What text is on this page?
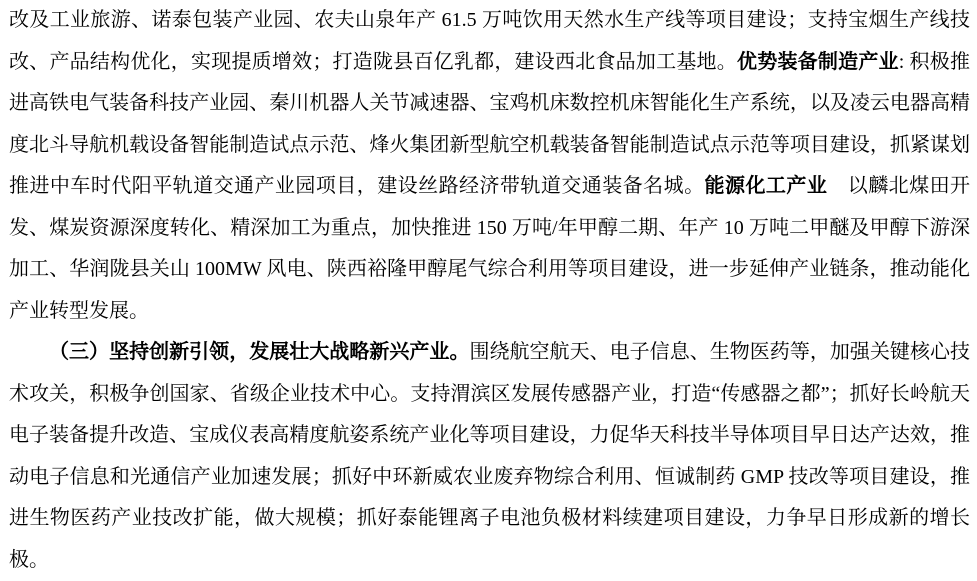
改及工业旅游、诺泰包装产业园、农夫山泉年产 61.5 万吨饮用天然水生产线等项目建设；支持宝烟生产线技改、产品结构优化，实现提质增效；打造陇县百亿乳都，建设西北食品加工基地。优势装备制造产业: 积极推进高铁电气装备科技产业园、秦川机器人关节减速器、宝鸡机床数控机床智能化生产系统，以及凌云电器高精度北斗导航机载设备智能制造试点示范、烽火集团新型航空机载装备智能制造试点示范等项目建设，抓紧谋划推进中车时代阳平轨道交通产业园项目，建设丝路经济带轨道交通装备名城。能源化工产业　以麟北煤田开发、煤炭资源深度转化、精深加工为重点，加快推进 150 万吨/年甲醇二期、年产 10 万吨二甲醚及甲醇下游深加工、华润陇县关山 100MW 风电、陕西裕隆甲醇尾气综合利用等项目建设，进一步延伸产业链条，推动能化产业转型发展。

（三）坚持创新引领，发展壮大战略新兴产业。围绕航空航天、电子信息、生物医药等，加强关键核心技术攻关，积极争创国家、省级企业技术中心。支持渭滨区发展传感器产业，打造“传感器之都”；抓好长岭航天电子装备提升改造、宝成仪表高精度航姿系统产业化等项目建设，力促华天科技半导体项目早日达产达效，推动电子信息和光通信产业加速发展；抓好中环新威农业废弃物综合利用、恒诚制药 GMP 技改等项目建设，推进生物医药产业技改扩能，做大规模；抓好泰能锂离子电池负极材料续建项目建设，力争早日形成新的增长极。
